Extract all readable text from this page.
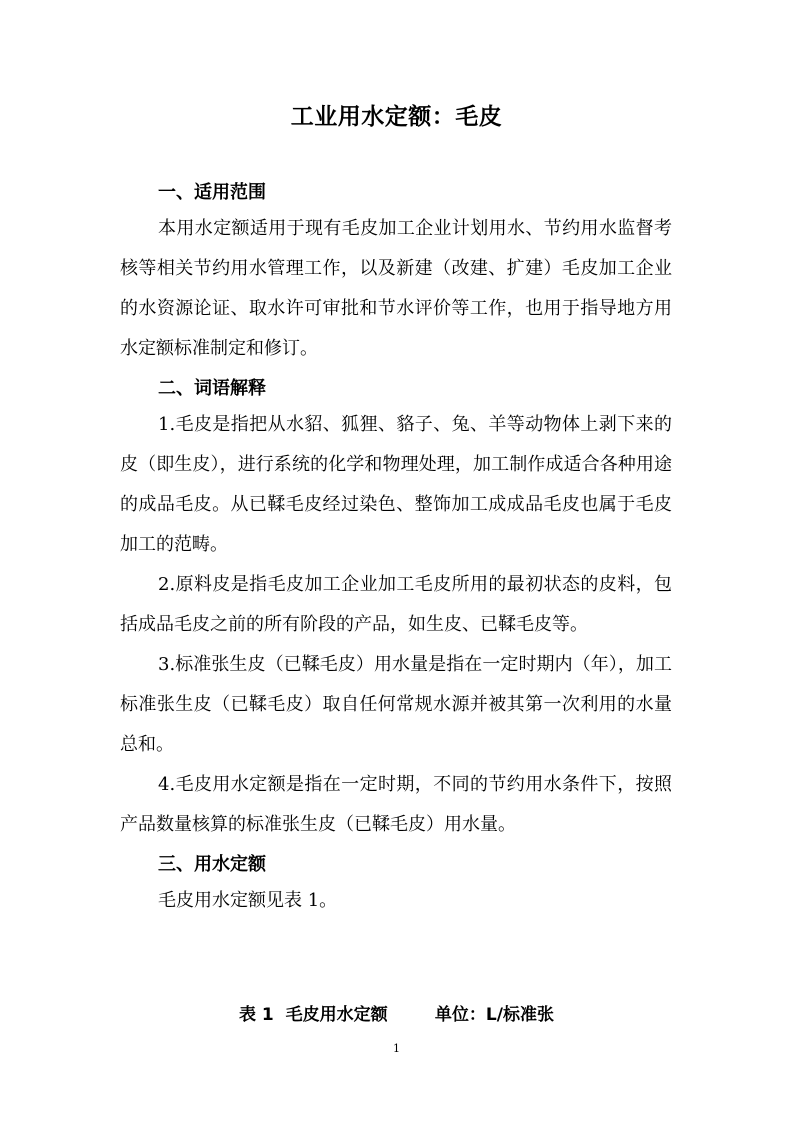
工业用水定额：毛皮
一、适用范围

本用水定额适用于现有毛皮加工企业计划用水、节约用水监督考核等相关节约用水管理工作，以及新建（改建、扩建）毛皮加工企业的水资源论证、取水许可审批和节水评价等工作，也用于指导地方用水定额标准制定和修订。

二、词语解释

1.毛皮是指把从水貂、狐狸、貉子、兔、羊等动物体上剥下来的皮（即生皮），进行系统的化学和物理处理，加工制作成适合各种用途的成品毛皮。从已鞣毛皮经过染色、整饰加工成成品毛皮也属于毛皮加工的范畴。

2.原料皮是指毛皮加工企业加工毛皮所用的最初状态的皮料，包括成品毛皮之前的所有阶段的产品，如生皮、已鞣毛皮等。

3.标准张生皮（已鞣毛皮）用水量是指在一定时期内（年），加工标准张生皮（已鞣毛皮）取自任何常规水源并被其第一次利用的水量总和。

4.毛皮用水定额是指在一定时期，不同的节约用水条件下，按照产品数量核算的标准张生皮（已鞣毛皮）用水量。

三、用水定额

毛皮用水定额见表 1。

表 1  毛皮用水定额        单位：L/标准张
1
